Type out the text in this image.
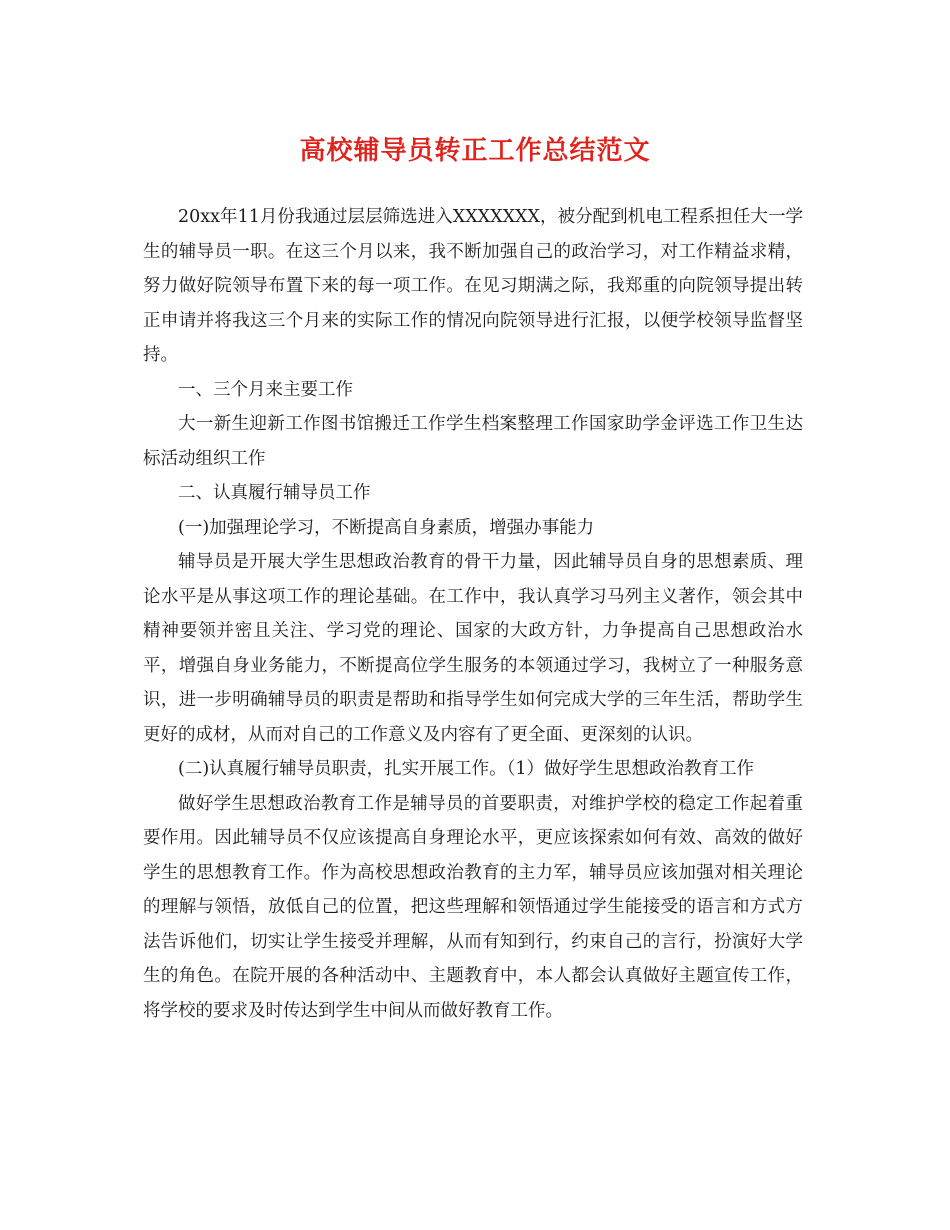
高校辅导员转正工作总结范文

20xx年11月份我通过层层筛选进入XXXXXXX，被分配到机电工程系担任大一学生的辅导员一职。在这三个月以来，我不断加强自己的政治学习，对工作精益求精，努力做好院领导布置下来的每一项工作。在见习期满之际，我郑重的向院领导提出转正申请并将我这三个月来的实际工作的情况向院领导进行汇报，以便学校领导监督坚持。

一、三个月来主要工作

大一新生迎新工作图书馆搬迁工作学生档案整理工作国家助学金评选工作卫生达标活动组织工作

二、认真履行辅导员工作

(一)加强理论学习，不断提高自身素质，增强办事能力

辅导员是开展大学生思想政治教育的骨干力量，因此辅导员自身的思想素质、理论水平是从事这项工作的理论基础。在工作中，我认真学习马列主义著作，领会其中精神要领并密且关注、学习党的理论、国家的大政方针，力争提高自己思想政治水平，增强自身业务能力，不断提高位学生服务的本领通过学习，我树立了一种服务意识，进一步明确辅导员的职责是帮助和指导学生如何完成大学的三年生活，帮助学生更好的成材，从而对自己的工作意义及内容有了更全面、更深刻的认识。

(二)认真履行辅导员职责，扎实开展工作。（1）做好学生思想政治教育工作

做好学生思想政治教育工作是辅导员的首要职责，对维护学校的稳定工作起着重要作用。因此辅导员不仅应该提高自身理论水平，更应该探索如何有效、高效的做好学生的思想教育工作。作为高校思想政治教育的主力军，辅导员应该加强对相关理论的理解与领悟，放低自己的位置，把这些理解和领悟通过学生能接受的语言和方式方法告诉他们，切实让学生接受并理解，从而有知到行，约束自己的言行，扮演好大学生的角色。在院开展的各种活动中、主题教育中，本人都会认真做好主题宣传工作，将学校的要求及时传达到学生中间从而做好教育工作。
